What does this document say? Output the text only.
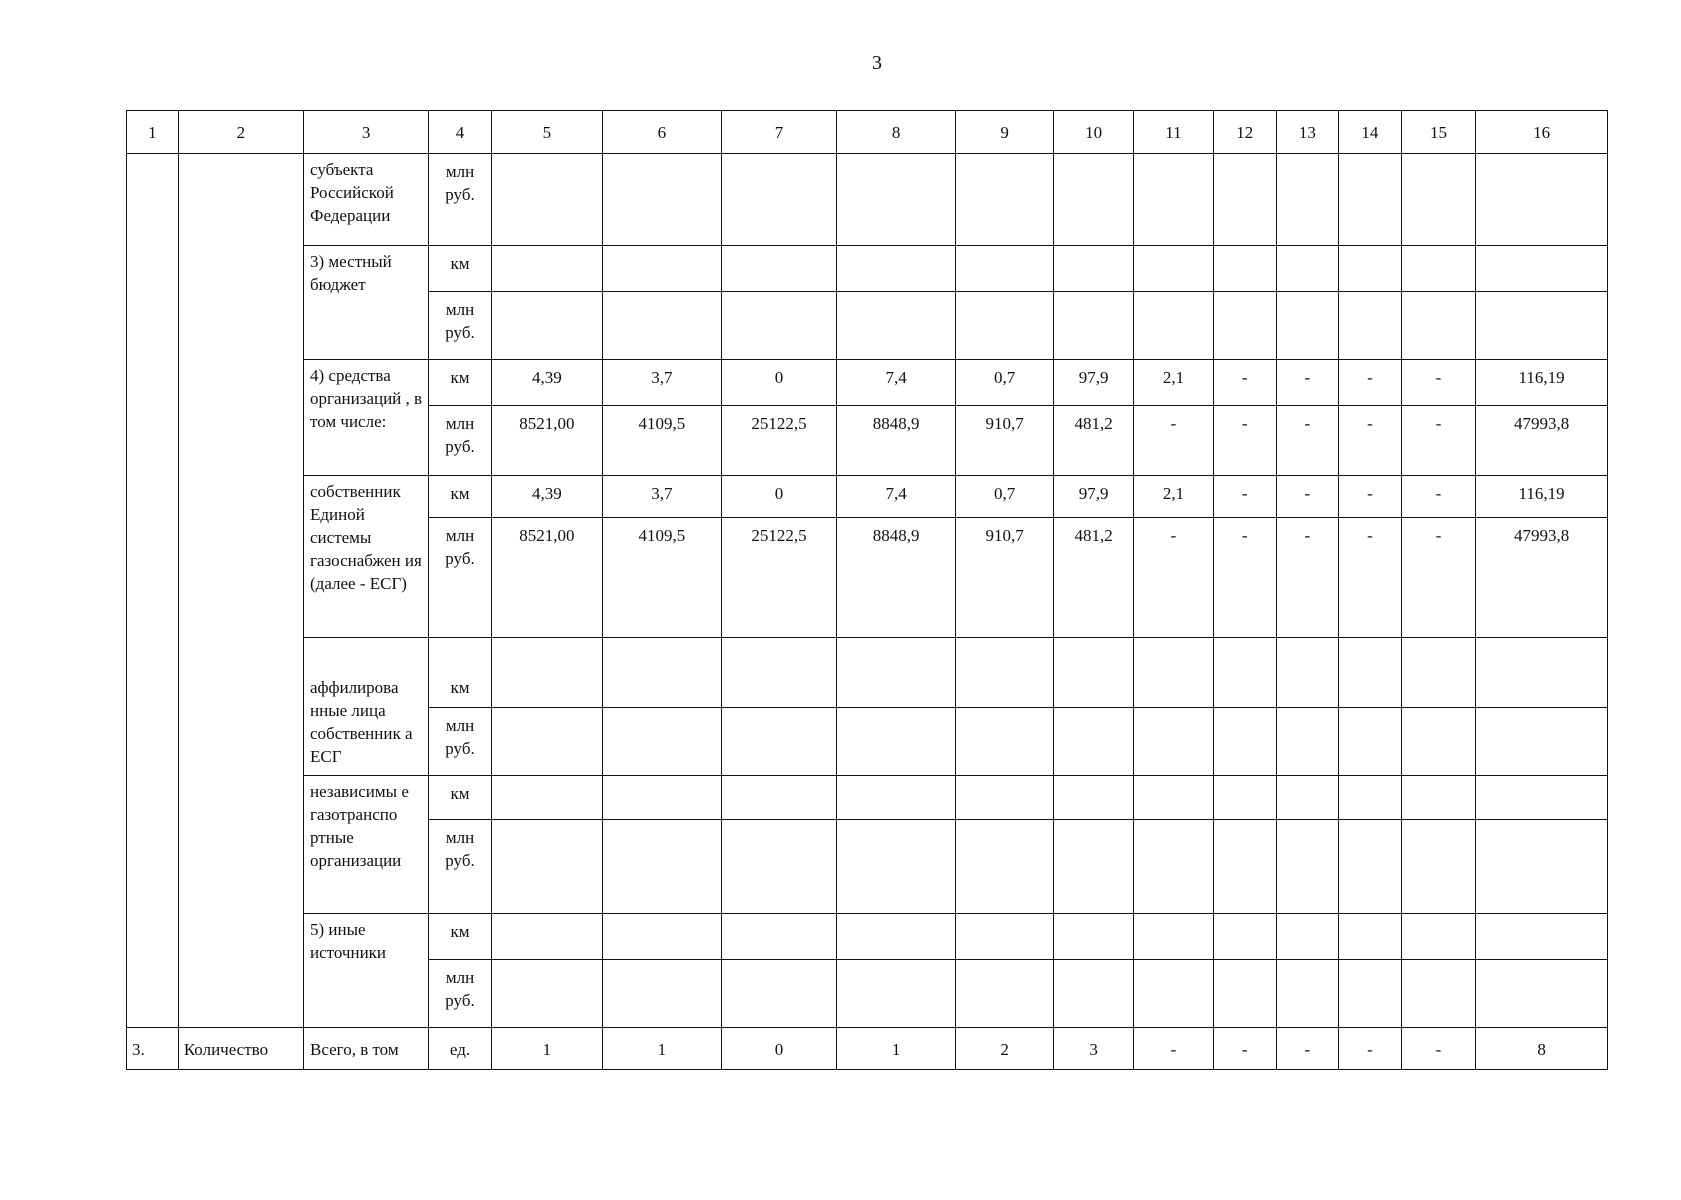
3
1	2	3	4	5	6	7	8	9	10	11	12	13	14	15	16
		субъекта Российской Федерации	млн руб.												
		3) местный бюджет	км												
			млн руб.												
		4) средства организаций , в том числе:	км	4,39	3,7	0	7,4	0,7	97,9	2,1	-	-	-	-	116,19
			млн руб.	8521,00	4109,5	25122,5	8848,9	910,7	481,2	-	-	-	-	-	47993,8
		собственник Единой системы газоснабжен ия (далее - ЕСГ)	км	4,39	3,7	0	7,4	0,7	97,9	2,1	-	-	-	-	116,19
			млн руб.	8521,00	4109,5	25122,5	8848,9	910,7	481,2	-	-	-	-	-	47993,8
		аффилирова нные лица собственник а ЕСГ	км												
			млн руб.												
		независимы е газотранспо ртные организации	км												
			млн руб.												
		5) иные источники	км												
			млн руб.												
3.	Количество	Всего, в том	ед.	1	1	0	1	2	3	-	-	-	-	-	8
